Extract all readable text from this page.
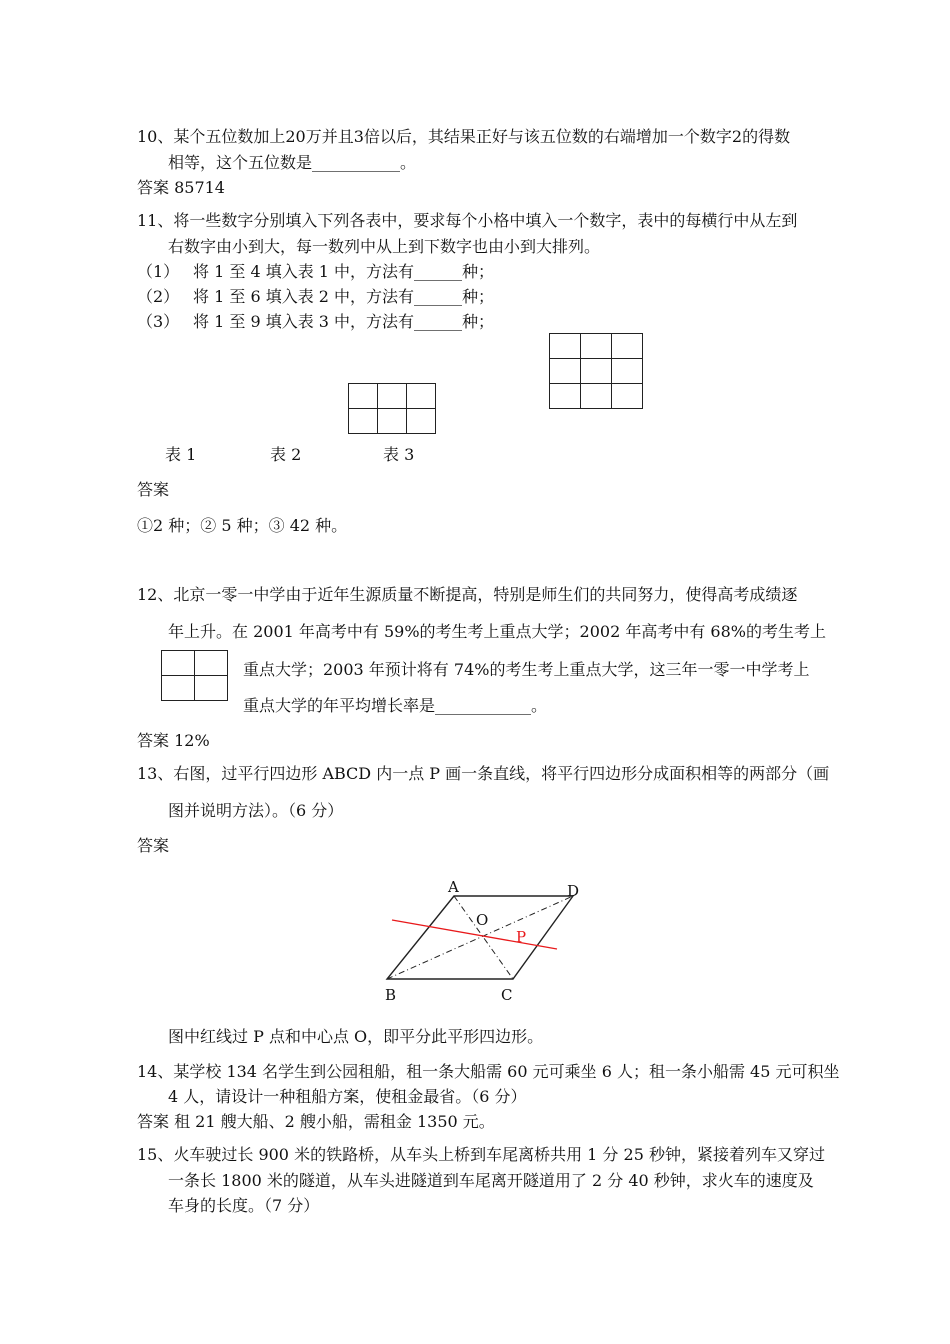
10、某个五位数加上20万并且3倍以后，其结果正好与该五位数的右端增加一个数字2的得数
相等，这个五位数是___________。
答案 85714
11、将一些数字分别填入下列各表中，要求每个小格中填入一个数字，表中的每横行中从左到
右数字由小到大，每一数列中从上到下数字也由小到大排列。
（1） 将 1 至 4 填入表 1 中，方法有______种；
（2） 将 1 至 6 填入表 2 中，方法有______种；
（3） 将 1 至 9 填入表 3 中，方法有______种；

表 1	表 2	表 3
答案
①2 种；② 5 种；③ 42 种。
12、北京一零一中学由于近年生源质量不断提高，特别是师生们的共同努力，使得高考成绩逐
年上升。在 2001 年高考中有 59%的考生考上重点大学；2002 年高考中有 68%的考生考上

重点大学；2003 年预计将有 74%的考生考上重点大学，这三年一零一中学考上
重点大学的年平均增长率是____________。
答案 12%
13、右图，过平行四边形 ABCD 内一点 P 画一条直线，将平行四边形分成面积相等的两部分（画
图并说明方法）。（6 分）
答案
A	D
O
P
B	C
图中红线过 P 点和中心点 O，即平分此平形四边形。
14、某学校 134 名学生到公园租船，租一条大船需 60 元可乘坐 6 人；租一条小船需 45 元可积坐
4 人，请设计一种租船方案，使租金最省。（6 分）
答案 租 21 艘大船、2 艘小船，需租金 1350 元。
15、火车驶过长 900 米的铁路桥，从车头上桥到车尾离桥共用 1 分 25 秒钟，紧接着列车又穿过
一条长 1800 米的隧道，从车头进隧道到车尾离开隧道用了 2 分 40 秒钟，求火车的速度及
车身的长度。（7 分）
